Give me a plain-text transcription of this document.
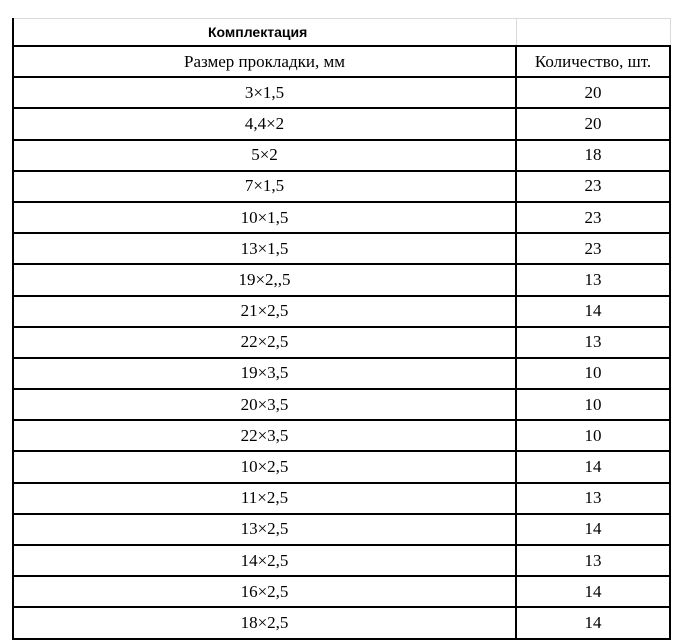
Комплектация	
Размер прокладки, мм	Количество, шт.
3×1,5	20
4,4×2	20
5×2	18
7×1,5	23
10×1,5	23
13×1,5	23
19×2,,5	13
21×2,5	14
22×2,5	13
19×3,5	10
20×3,5	10
22×3,5	10
10×2,5	14
11×2,5	13
13×2,5	14
14×2,5	13
16×2,5	14
18×2,5	14
